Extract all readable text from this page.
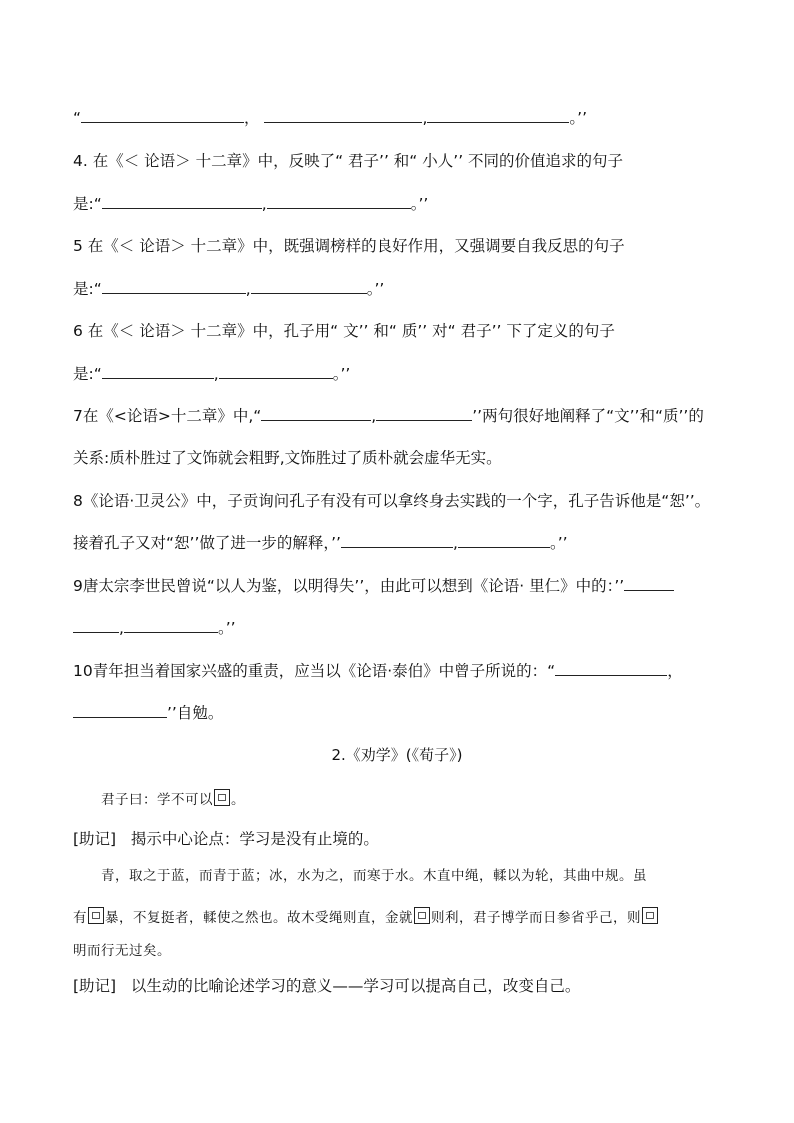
“	，	,	。’’
4. 在《＜ 论语＞ 十二章》中，反映了“ 君子’’ 和“ 小人’’ 不同的价值追求的句子
是:“	,	。’’
5 在《＜ 论语＞ 十二章》中，既强调榜样的良好作用，又强调要自我反思的句子
是:“	,	。’’
6 在《＜ 论语＞ 十二章》中，孔子用“ 文’’ 和“ 质’’ 对“ 君子’’ 下了定义的句子
是:“	,	。’’
7在《<论语>十二章》中,“	,	’’两句很好地阐释了“文’’和“质’’的
关系:质朴胜过了文饰就会粗野,文饰胜过了质朴就会虚华无实。
8《论语·卫灵公》中，子贡询问孔子有没有可以拿终身去实践的一个字，孔子告诉他是“恕’’。
接着孔子又对“恕’’做了进一步的解释，’’	,	。’’
9唐太宗李世民曾说“以人为鉴，以明得失’’，由此可以想到《论语· 里仁》中的：’’
,	。’’
10青年担当着国家兴盛的重责，应当以《论语·泰伯》中曾子所说的：“	，
’’自勉。
2.《劝学》(《荀子》)
君子曰：学不可以 。
[助记] 揭示中心论点：学习是没有止境的。
青，取之于蓝，而青于蓝；冰，水为之，而寒于水。木直中绳，輮以为轮，其曲中规。虽
有 暴，不复挺者，輮使之然也。故木受绳则直，金就 则利，君子博学而日参省乎己，则
明而行无过矣。
[助记] 以生动的比喻论述学习的意义——学习可以提高自己，改变自己。
